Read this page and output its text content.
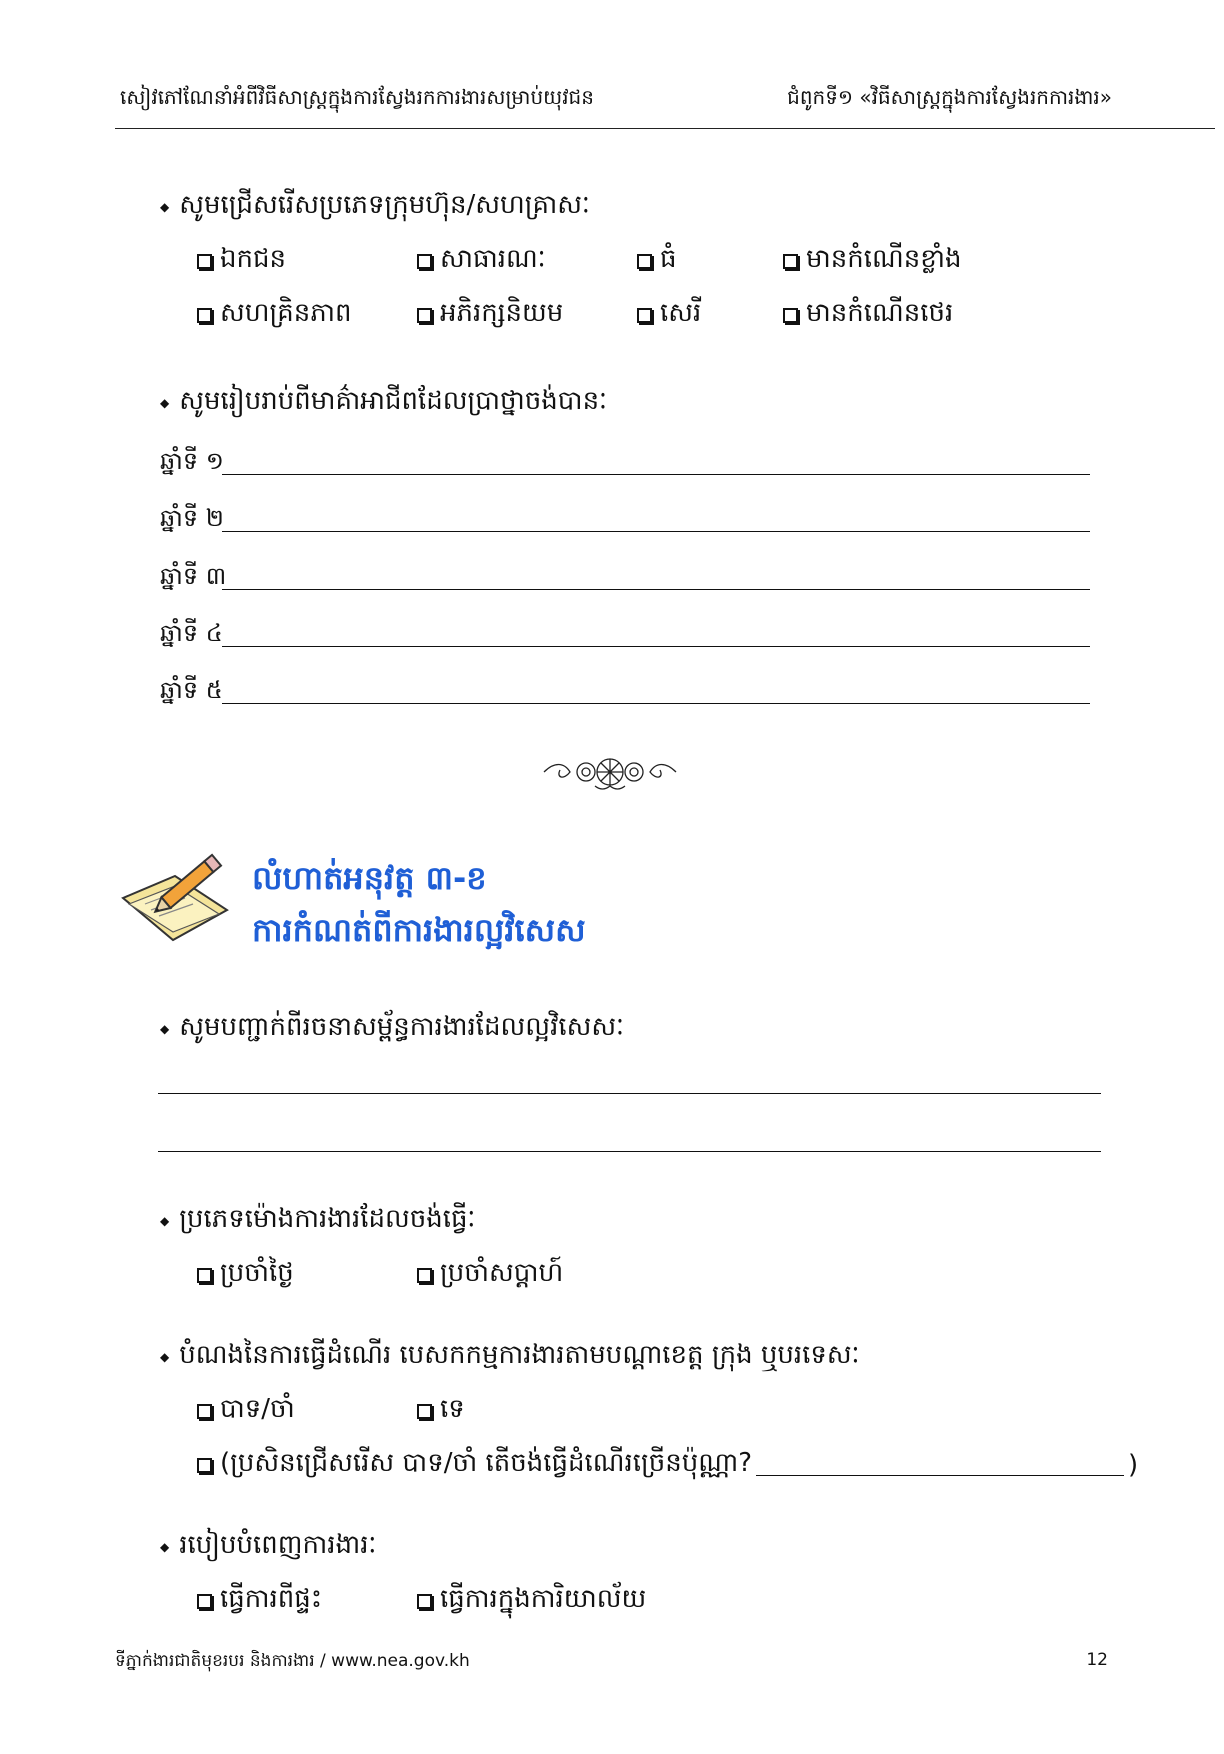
សៀវភៅណែនាំអំពីវិធីសាស្ត្រក្នុងការស្វែងរកការងារសម្រាប់យុវជន	ជំពូកទី១ «វិធីសាស្ត្រក្នុងការស្វែងរកការងារ»
◆ សូមជ្រើសរើសប្រភេទក្រុមហ៊ុន/សហគ្រាសៈ
ឯកជន	សាធារណៈ	ធំ	មានកំណើនខ្លាំង
សហគ្រិនភាព	អភិរក្សនិយម	សេរី	មានកំណើនថេរ
◆ សូមរៀបរាប់ពីមាគ៌ាអាជីពដែលប្រាថ្នាចង់បានៈ
ឆ្នាំទី ១
ឆ្នាំទី ២
ឆ្នាំទី ៣
ឆ្នាំទី ៤
ឆ្នាំទី ៥
លំហាត់អនុវត្ត ៣-ខ
ការកំណត់ពីការងារល្អវិសេស
◆ សូមបញ្ជាក់ពីរចនាសម្ព័ន្ធការងារដែលល្អវិសេសៈ
◆ ប្រភេទម៉ោងការងារដែលចង់ធ្វើៈ
ប្រចាំថ្ងៃ	ប្រចាំសប្តាហ៍
◆ បំណងនៃការធ្វើដំណើរ បេសកកម្មការងារតាមបណ្តាខេត្ត ក្រុង ឬបរទេសៈ
បាទ/ចាំ	ទេ
(ប្រសិនជ្រើសរើស បាទ/ចាំ តើចង់ធ្វើដំណើរច្រើនប៉ុណ្ណា?	)
◆ របៀបបំពេញការងារៈ
ធ្វើការពីផ្ទះ	ធ្វើការក្នុងការិយាល័យ
ទីភ្នាក់ងារជាតិមុខរបរ និងការងារ / www.nea.gov.kh	12
